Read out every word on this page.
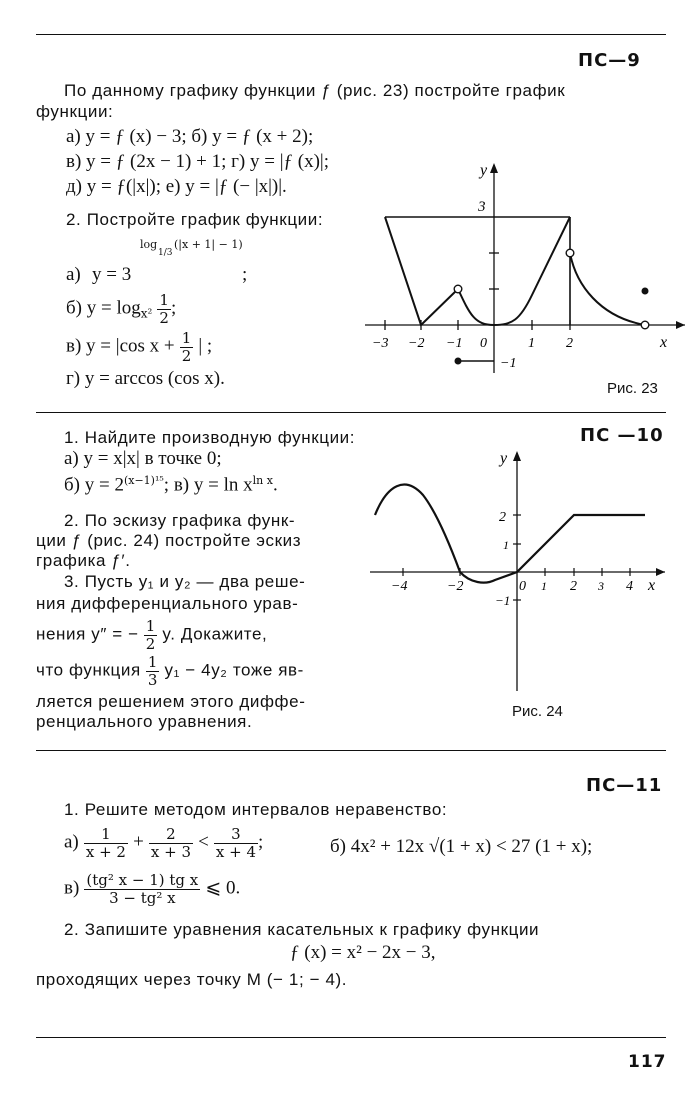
ПС—9
По данному графику функции ƒ (рис. 23) постройте график
функции:
а) y = ƒ (x) − 3; б) y = ƒ (x + 2);
в) y = ƒ (2x − 1) + 1; г) y = |ƒ (x)|;
д) y = ƒ(|x|); е) y = |ƒ (− |x|)|.
2. Постройте график функции:
а) y = 3
log
1/3
(|x + 1| − 1)
;
б) $y = \log_{x^2} \frac{1}{2}$ ;
в) y = |cos $x + \frac{1}{2}$ | ;
г) y = arccos (cos x).
y
x
3
−1
−3 −2 −1 0	1 2
Рис. 23
ПС —10
1. Найдите производную функции:
а) y = x|x| в точке 0;
б) $y = 2^{(x-1)^{15}}$; в) $y = \ln x^{ln x}$.
2. По эскизу графика функ-
ции ƒ (рис. 24) постройте эскиз
графика ƒ′.
3. Пусть y₁ и y₂ — два реше-
ния дифференциального урав-
нения y″ = − $\frac{1}{2} y$. Докажите,
что функция $\frac{1}{3} y_1 - 4y_2$ тоже яв-
ляется решением этого диффе-
ренциального уравнения.
y
x
−4	−2	0 1 2 3 4
2
1
−1
Рис. 24
ПС—11
1. Решите методом интервалов неравенство:
$а) \frac{1}{x + 2} + \frac{2}{x + 3} < \frac{3}{x + 4}$ ;	б) 4x² + 12x √(1 + x) < 27 (1 + x);
$в) \frac{\text{(tg² x − 1) tg x}}{\text{3 − tg² x}}$ ⩽ 0.
2. Запишите уравнения касательных к графику функции
ƒ (x) = x² − 2x − 3,
проходящих через точку M (− 1; − 4).
117
